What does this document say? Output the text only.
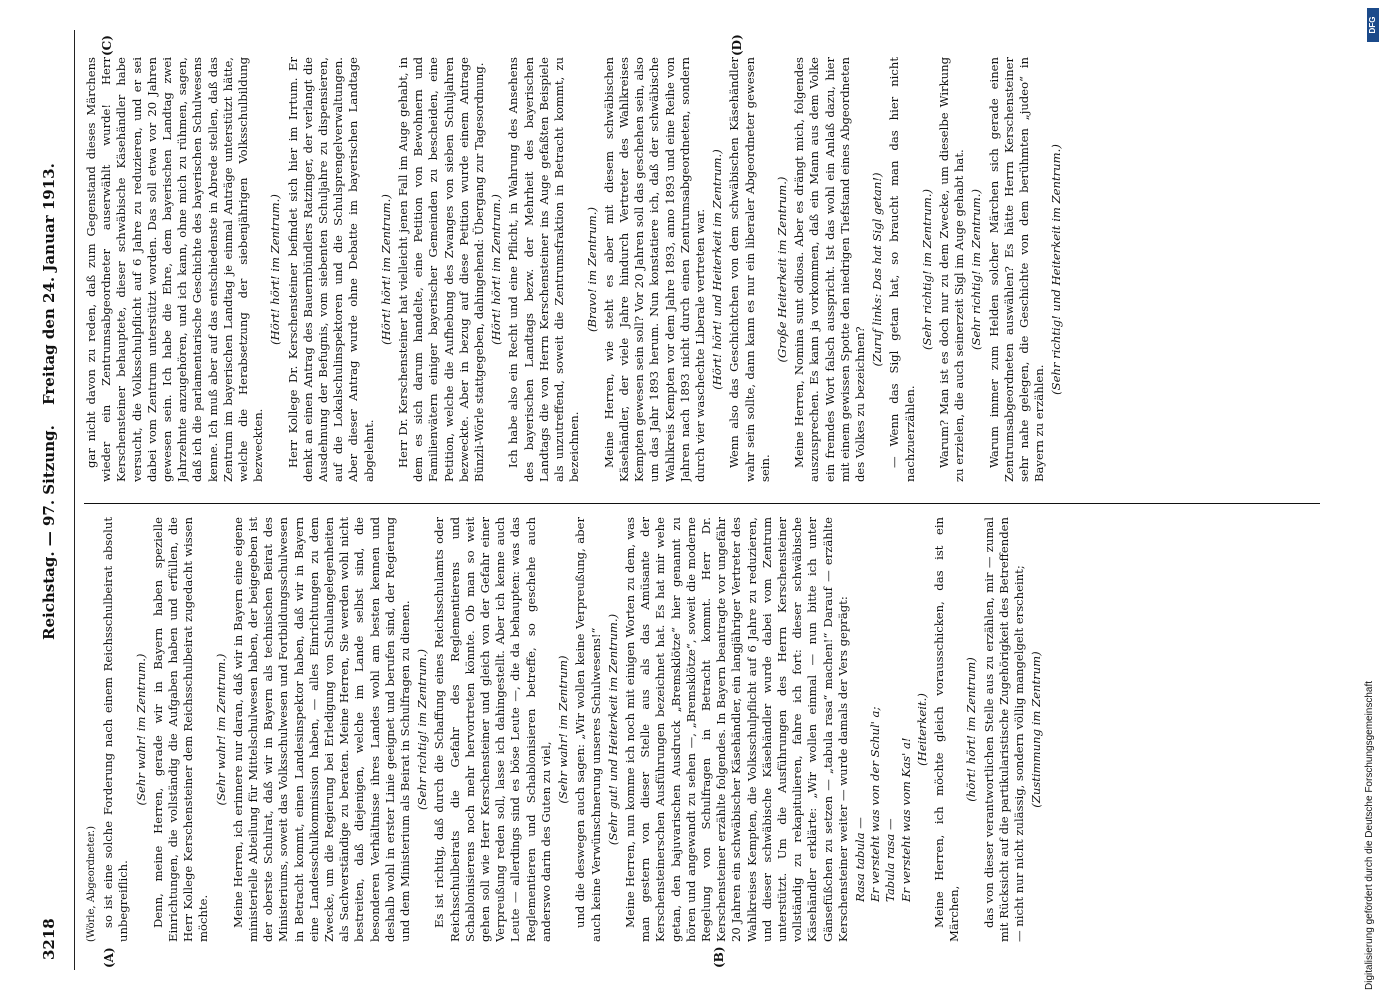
3218
Reichstag. — 97. Sitzung.
Freitag den 24. Januar 1913.
(A)	(B)
(C)	(D)

(Wörle, Abgeordneter.) so ist eine solche Forderung nach einem Reichsschulbeirat absolut unbegreiflich.

(Sehr wahr! im Zentrum.) Denn, meine Herren, gerade wir in Bayern haben spezielle Einrichtungen, die vollständig die Aufgaben haben und erfüllen, die Herr Kollege Kerschensteiner dem Reichsschulbeirat zugedacht wissen möchte.

(Sehr wahr! im Zentrum.) Meine Herren, ich erinnere nur daran, daß wir in Bayern eine eigene ministerielle Abteilung für Mittelschulwesen haben, der beigegeben ist der oberste Schulrat, daß wir in Bayern als technischen Beirat des Ministeriums, soweit das Volksschulwesen und Fortbildungsschulwesen in Betracht kommt, einen Landesinspektor haben, daß wir in Bayern eine Landesschulkommission haben, — alles Einrichtungen zu dem Zwecke, um die Regierung bei Erledigung von Schulangelegenheiten als Sachverständige zu beraten. Meine Herren, Sie werden wohl nicht bestreiten, daß diejenigen, welche im Lande selbst sind, die besonderen Verhältnisse ihres Landes wohl am besten kennen und deshalb wohl in erster Linie geeignet und berufen sind, der Regierung und dem Ministerium als Beirat in Schulfragen zu dienen. (Sehr richtig! im Zentrum.) Es ist richtig, daß durch die Schaffung eines Reichsschulamts oder Reichsschulbeirats die Gefahr des Reglementierens und Schablonisierens noch mehr hervortreten könnte. Ob man so weit gehen soll wie Herr Kerschensteiner und gleich von der Gefahr einer Verpreußung reden soll, lasse ich dahingestellt. Aber ich kenne auch Leute — allerdings sind es böse Leute —, die da behaupten: was das Reglementieren und Schablonisieren betreffe, so geschehe auch anderswo darin des Guten zu viel,

(Sehr wahr! im Zentrum) und die deswegen auch sagen: „Wir wollen keine Verpreußung, aber auch keine Verwünschnerung unseres Schulwesens!“ (Sehr gut! und Heiterkeit im Zentrum.) Meine Herren, nun komme ich noch mit einigen Worten zu dem, was man gestern von dieser Stelle aus als das Amüsante der Kerschensteinerschen Ausführungen bezeichnet hat. Es hat mir wehe getan, den bajuvarischen Ausdruck „Bremsklötze“ hier genannt zu hören und angewandt zu sehen —, „Bremsklötze“, soweit die moderne Regelung von Schulfragen in Betracht kommt. Herr Dr. Kerschensteiner erzählte folgendes. In Bayern beantragte vor ungefähr 20 Jahren ein schwäbischer Käsehändler, ein langjähriger Vertreter des Wahlkreises Kempten, die Volksschulpflicht auf 6 Jahre zu reduzieren, und dieser schwäbische Käsehändler wurde dabei vom Zentrum unterstützt. Um die Ausführungen des Herrn Kerschensteiner vollständig zu rekapitulieren, fahre ich fort: dieser schwäbische Käsehändler erklärte: „Wir wollen einmal — nun bitte ich unter Gänsefüßchen zu setzen — „tabula rasa“ machen!“ Darauf — erzählte Kerschensteiner weiter — wurde damals der Vers geprägt: Rasa tabula — Er versteht was von der Schul' a; Tabula rasa — Er versteht was vom Kas' a!

(Heiterkeit.) Meine Herren, ich möchte gleich vorausschicken, das ist ein Märchen,

(hört! hört! im Zentrum) das von dieser verantwortlichen Stelle aus zu erzählen, mir — zumal mit Rücksicht auf die partikularistische Zugehörigkeit des Betreffenden — nicht nur nicht zulässig, sondern völlig mangelgelt erscheint; (Zustimmung im Zentrum)

gar nicht davon zu reden, daß zum Gegenstand dieses Märchens wieder ein Zentrumsabgeordneter auserwählt wurde! Herr Kerschensteiner behauptete, dieser schwäbische Käsehändler habe versucht, die Volksschulpflicht auf 6 Jahre zu reduzieren, und er sei dabei vom Zentrum unterstützt worden. Das soll etwa vor 20 Jahren gewesen sein. Ich habe die Ehre, dem bayerischen Landtag zwei Jahrzehnte anzugehören, und ich kann, ohne mich zu rühmen, sagen, daß ich die parlamentarische Geschichte des bayerischen Schulwesens kenne. Ich muß aber auf das entschiedenste in Abrede stellen, daß das Zentrum im bayerischen Landtag je einmal Anträge unterstützt hätte, welche die Herabsetzung der siebenjährigen Volksschulbildung bezweckten.

(Hört! hört! im Zentrum.) Herr Kollege Dr. Kerschensteiner befindet sich hier im Irrtum. Er denkt an einen Antrag des Bauernbündlers Ratzinger, der verlangt die Ausdehnung der Befugnis, vom siebenten Schuljahre zu dispensieren, auf die Lokalschulinspektoren und die Schulsprengelverwaltungen. Aber dieser Antrag wurde ohne Debatte im bayerischen Landtage abgelehnt.

(Hört! hört! im Zentrum.) Herr Dr. Kerschensteiner hat vielleicht jenen Fall im Auge gehabt, in dem es sich darum handelte, eine Petition von Bewohnern und Familienvätern einiger bayerischer Gemeinden zu bescheiden, eine Petition, welche die Aufhebung des Zwanges von sieben Schuljahren bezweckte. Aber in bezug auf diese Petition wurde einem Antrage Bünzli-Wörle stattgegeben, dahingehend: Übergang zur Tagesordnung. (Hört! hört! im Zentrum.) Ich habe also ein Recht und eine Pflicht, in Wahrung des Ansehens des bayerischen Landtags bezw. der Mehrheit des bayerischen Landtags die von Herrn Kerschensteiner ins Auge gefaßten Beispiele als unzutreffend, soweit die Zentrumsfraktion in Betracht kommt, zu bezeichnen.

(Bravo! im Zentrum.) Meine Herren, wie steht es aber mit diesem schwäbischen Käsehändler, der viele Jahre hindurch Vertreter des Wahlkreises Kempten gewesen sein soll? Vor 20 Jahren soll das geschehen sein, also um das Jahr 1893 herum. Nun konstatiere ich, daß der schwäbische Wahlkreis Kempten vor dem Jahre 1893, anno 1893 und eine Reihe von Jahren nach 1893 nicht durch einen Zentrumsabgeordneten, sondern durch vier waschechte Liberale vertreten war. (Hört! hört! und Heiterkeit im Zentrum.) Wenn also das Geschichtchen von dem schwäbischen Käsehändler wahr sein sollte, dann kann es nur ein liberaler Abgeordneter gewesen sein.

(Große Heiterkeit im Zentrum.) Meine Herren, Nomina sunt odiosa. Aber es drängt mich, folgendes auszusprechen. Es kann ja vorkommen, daß ein Mann aus dem Volke ein fremdes Wort falsch ausspricht. Ist das wohl ein Anlaß dazu, hier mit einem gewissen Spotte den niedrigen Tiefstand eines Abgeordneten des Volkes zu bezeichnen?

(Zuruf links: Das hat Sigl getan!) — Wenn das Sigl getan hat, so braucht man das hier nicht nachzuerzählen.

(Sehr richtig! im Zentrum.) Warum? Man ist es doch nur zu dem Zwecke, um dieselbe Wirkung zu erzielen, die auch seinerzeit Sigl im Auge gehabt hat. (Sehr richtig! im Zentrum.) Warum immer zum Helden solcher Märchen sich gerade einen Zentrumsabgeordneten auswählen? Es hätte Herrn Kerschensteiner sehr nahe gelegen, die Geschichte von dem berühmten „judeo“ in Bayern zu erzählen.

(Sehr richtig! und Heiterkeit im Zentrum.)

DFG
Digitalisierung gefördert durch die Deutsche Forschungsgemeinschaft
